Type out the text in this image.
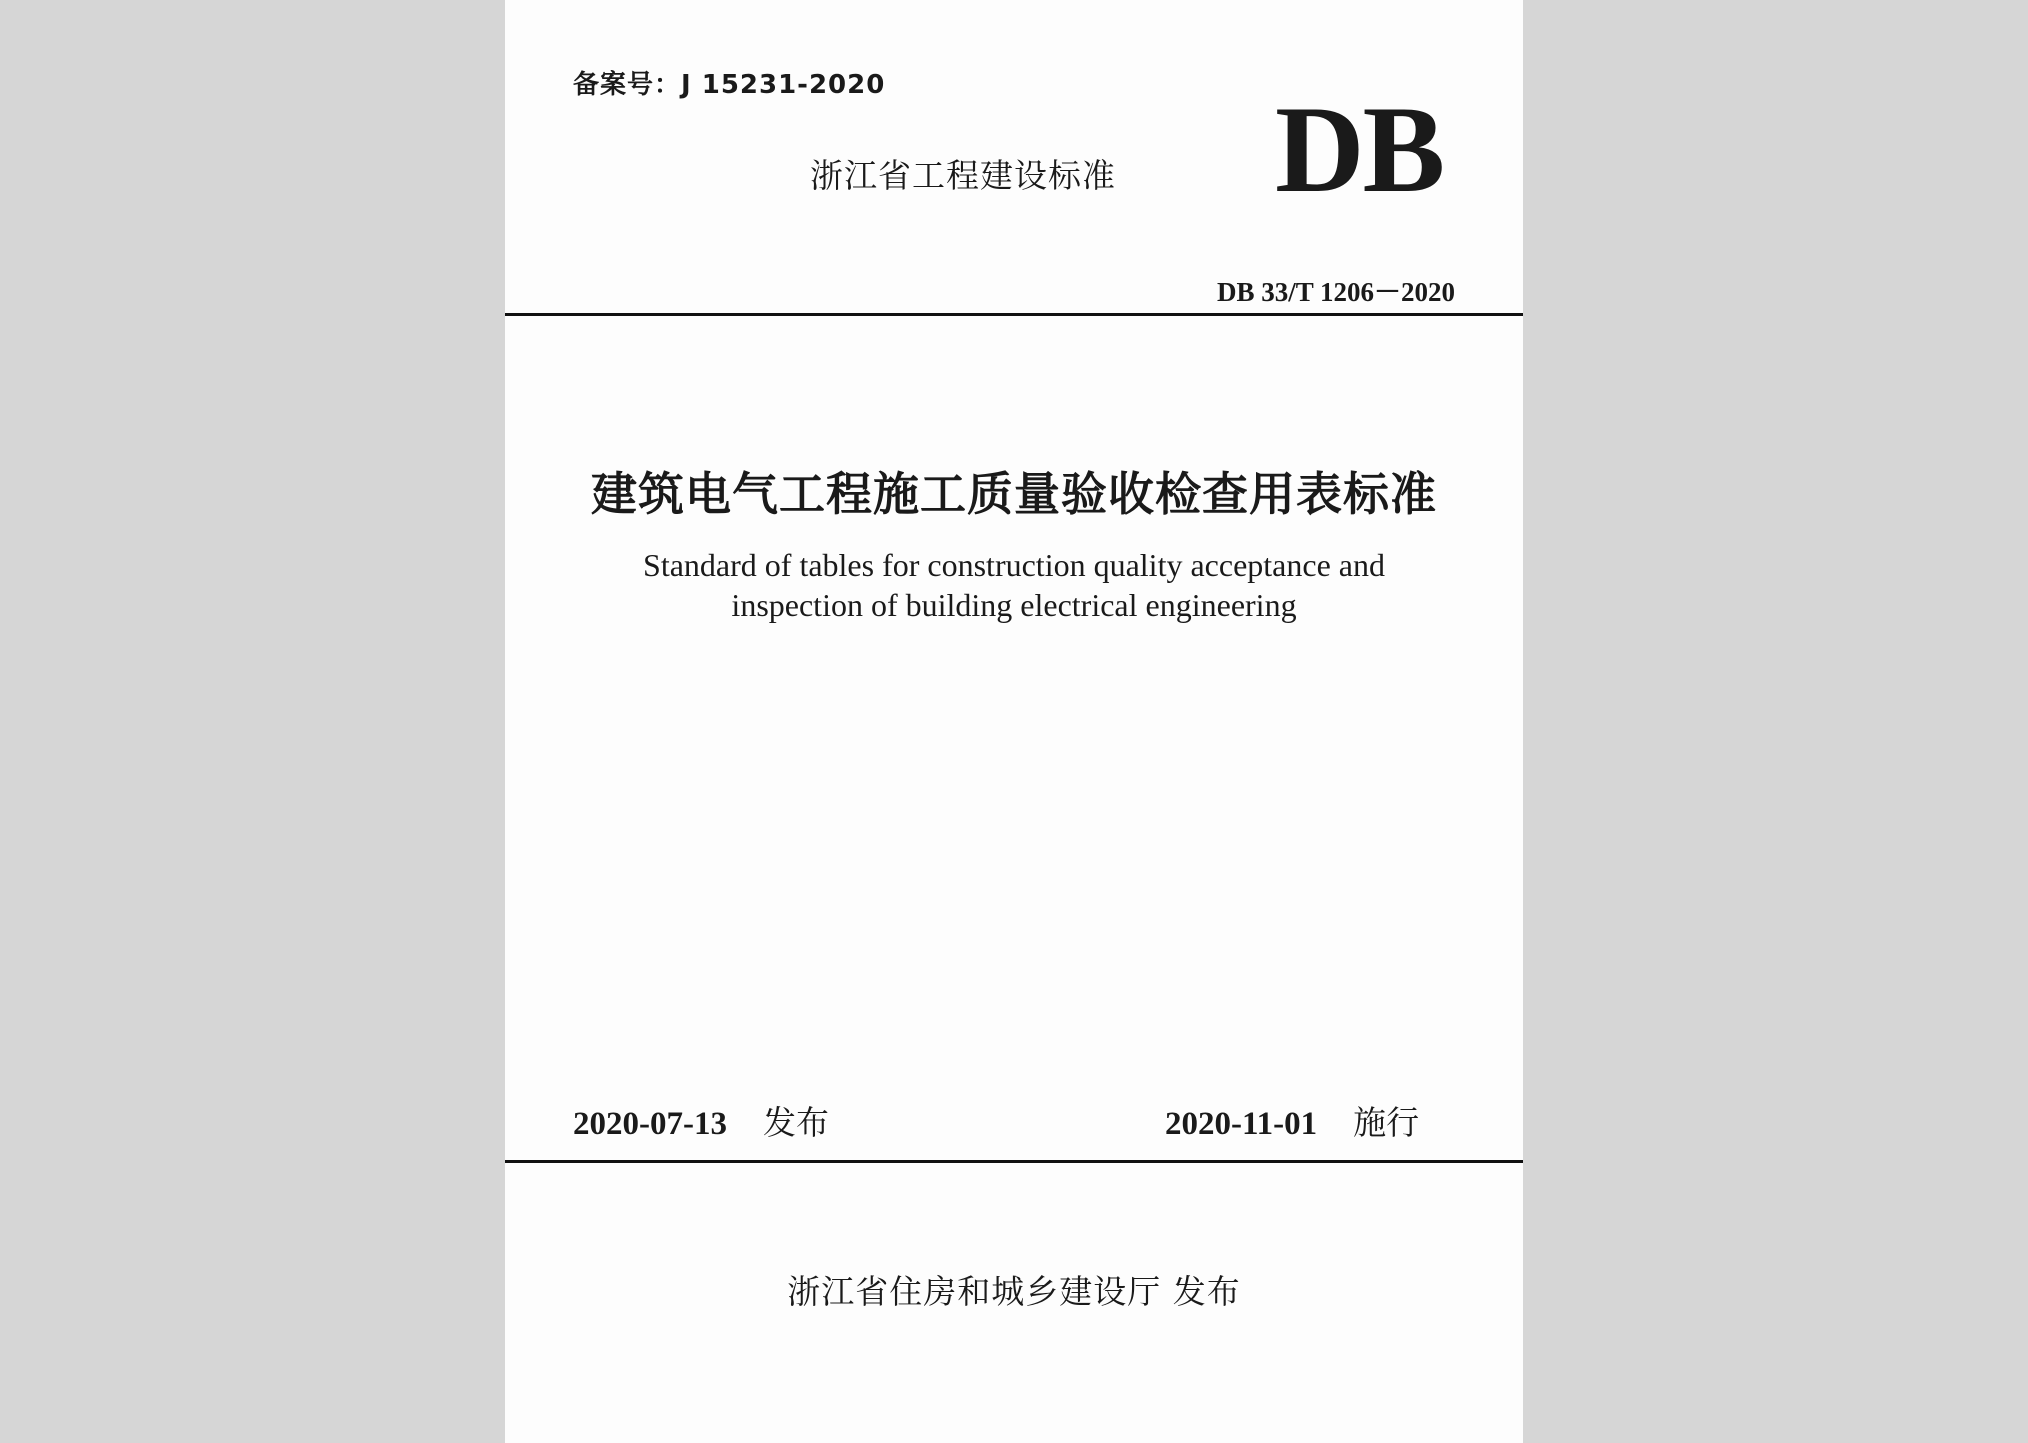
备案号：J 15231-2020
浙江省工程建设标准 DB
DB 33/T 1206－2020
建筑电气工程施工质量验收检查用表标准
Standard of tables for construction quality acceptance and
inspection of building electrical engineering
2020-07-13 发布	2020-11-01 施行
浙江省住房和城乡建设厅 发布
